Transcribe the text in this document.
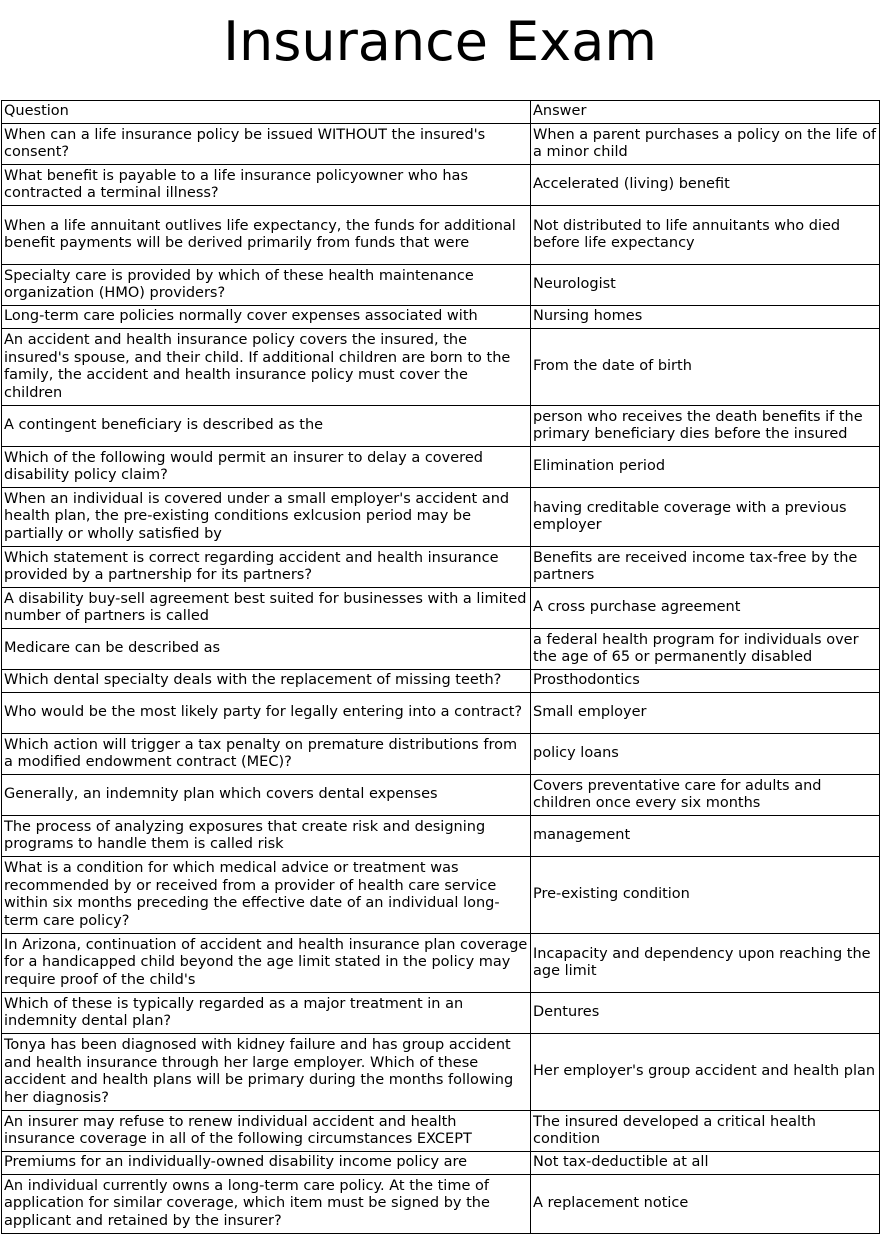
Insurance Exam
Question	Answer
When can a life insurance policy be issued WITHOUT the insured's consent?	When a parent purchases a policy on the life of a minor child
What benefit is payable to a life insurance policyowner who has contracted a terminal illness?	Accelerated (living) benefit
When a life annuitant outlives life expectancy, the funds for additional benefit payments will be derived primarily from funds that were	Not distributed to life annuitants who died before life expectancy
Specialty care is provided by which of these health maintenance organization (HMO) providers?	Neurologist
Long-term care policies normally cover expenses associated with	Nursing homes
An accident and health insurance policy covers the insured, the insured's spouse, and their child. If additional children are born to the family, the accident and health insurance policy must cover the children	From the date of birth
A contingent beneficiary is described as the	person who receives the death benefits if the primary beneficiary dies before the insured
Which of the following would permit an insurer to delay a covered disability policy claim?	Elimination period
When an individual is covered under a small employer's accident and health plan, the pre-existing conditions exlcusion period may be partially or wholly satisfied by	having creditable coverage with a previous employer
Which statement is correct regarding accident and health insurance provided by a partnership for its partners?	Benefits are received income tax-free by the partners
A disability buy-sell agreement best suited for businesses with a limited number of partners is called	A cross purchase agreement
Medicare can be described as	a federal health program for individuals over the age of 65 or permanently disabled
Which dental specialty deals with the replacement of missing teeth?	Prosthodontics
Who would be the most likely party for legally entering into a contract?	Small employer
Which action will trigger a tax penalty on premature distributions from a modified endowment contract (MEC)?	policy loans
Generally, an indemnity plan which covers dental expenses	Covers preventative care for adults and children once every six months
The process of analyzing exposures that create risk and designing programs to handle them is called risk	management
What is a condition for which medical advice or treatment was recommended by or received from a provider of health care service within six months preceding the effective date of an individual long-term care policy?	Pre-existing condition
In Arizona, continuation of accident and health insurance plan coverage for a handicapped child beyond the age limit stated in the policy may require proof of the child's	Incapacity and dependency upon reaching the age limit
Which of these is typically regarded as a major treatment in an indemnity dental plan?	Dentures
Tonya has been diagnosed with kidney failure and has group accident and health insurance through her large employer. Which of these accident and health plans will be primary during the months following her diagnosis?	Her employer's group accident and health plan
An insurer may refuse to renew individual accident and health insurance coverage in all of the following circumstances EXCEPT	The insured developed a critical health condition
Premiums for an individually-owned disability income policy are	Not tax-deductible at all
An individual currently owns a long-term care policy. At the time of application for similar coverage, which item must be signed by the applicant and retained by the insurer?	A replacement notice
